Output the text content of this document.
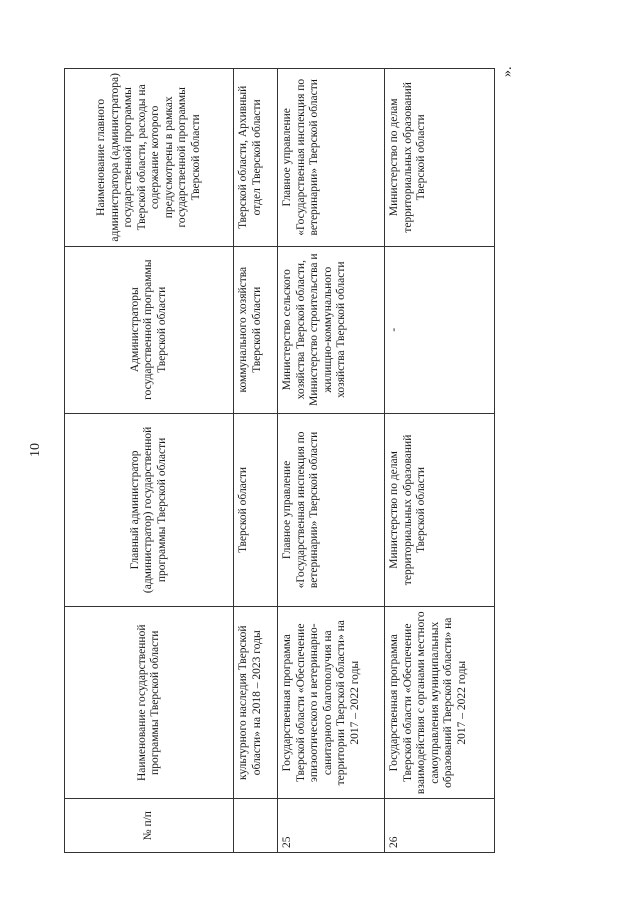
10
№ п/п	Наименование государственной программы Тверской области	Главный администратор (администратор) государственной программы Тверской области	Администраторы государственной программы Тверской области	Наименование главного администратора (администратора) государственной программы Тверской области, расходы на содержание которого предусмотрены в рамках государственной программы Тверской области
	культурного наследия Тверской области» на 2018 – 2023 годы	Тверской области	коммунального хозяйства Тверской области	Тверской области, Архивный отдел Тверской области
25	Государственная программа Тверской области «Обеспечение эпизоотического и ветеринарно-санитарного благополучия на территории Тверской области» на 2017 – 2022 годы	Главное управление «Государственная инспекция по ветеринарии» Тверской области	Министерство сельского хозяйства Тверской области, Министерство строительства и жилищно-коммунального хозяйства Тверской области	Главное управление «Государственная инспекция по ветеринарии» Тверской области
26	Государственная программа Тверской области «Обеспечение взаимодействия с органами местного самоуправления муниципальных образований Тверской области» на 2017 – 2022 годы	Министерство по делам территориальных образований Тверской области	-	Министерство по делам территориальных образований Тверской области
».
